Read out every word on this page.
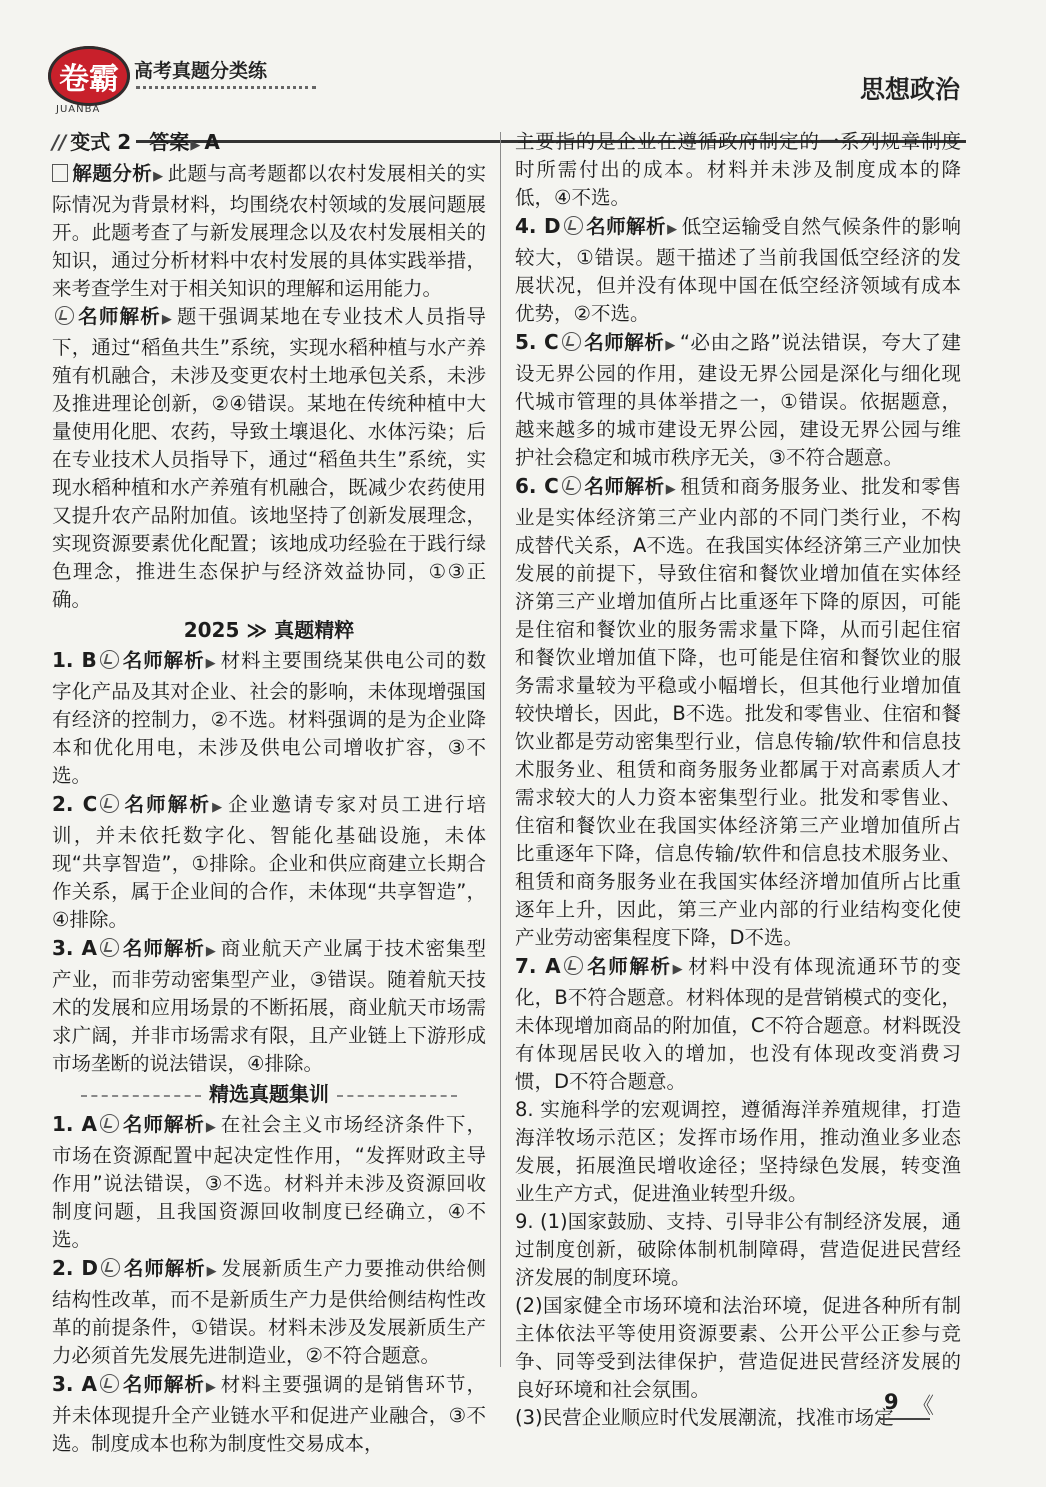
卷霸
JUANBA
高考真题分类练
思想政治

// 变式 2 答案▶ A

解题分析▶ 此题与高考题都以农村发展相关的实际情况为背景材料，均围绕农村领域的发展问题展开。此题考查了与新发展理念以及农村发展相关的知识，通过分析材料中农村发展的具体实践举措，来考查学生对于相关知识的理解和运用能力。

名师解析▶ 题干强调某地在专业技术人员指导下，通过“稻鱼共生”系统，实现水稻种植与水产养殖有机融合，未涉及变更农村土地承包关系，未涉及推进理论创新，②④错误。某地在传统种植中大量使用化肥、农药，导致土壤退化、水体污染；后在专业技术人员指导下，通过“稻鱼共生”系统，实现水稻种植和水产养殖有机融合，既减少农药使用又提升农产品附加值。该地坚持了创新发展理念，实现资源要素优化配置；该地成功经验在于践行绿色理念，推进生态保护与经济效益协同，①③正确。

2025 ≫ 真题精粹

1. B 名师解析▶ 材料主要围绕某供电公司的数字化产品及其对企业、社会的影响，未体现增强国有经济的控制力，②不选。材料强调的是为企业降本和优化用电，未涉及供电公司增收扩容，③不选。

2. C 名师解析▶ 企业邀请专家对员工进行培训，并未依托数字化、智能化基础设施，未体现“共享智造”，①排除。企业和供应商建立长期合作关系，属于企业间的合作，未体现“共享智造”，④排除。

3. A 名师解析▶ 商业航天产业属于技术密集型产业，而非劳动密集型产业，③错误。随着航天技术的发展和应用场景的不断拓展，商业航天市场需求广阔，并非市场需求有限，且产业链上下游形成市场垄断的说法错误，④排除。

精选真题集训

1. A 名师解析▶ 在社会主义市场经济条件下，市场在资源配置中起决定性作用，“发挥财政主导作用”说法错误，③不选。材料并未涉及资源回收制度问题，且我国资源回收制度已经确立，④不选。

2. D 名师解析▶ 发展新质生产力要推动供给侧结构性改革，而不是新质生产力是供给侧结构性改革的前提条件，①错误。材料未涉及发展新质生产力必须首先发展先进制造业，②不符合题意。

3. A 名师解析▶ 材料主要强调的是销售环节，并未体现提升全产业链水平和促进产业融合，③不选。制度成本也称为制度性交易成本，

主要指的是企业在遵循政府制定的一系列规章制度时所需付出的成本。材料并未涉及制度成本的降低，④不选。

4. D 名师解析▶ 低空运输受自然气候条件的影响较大，①错误。题干描述了当前我国低空经济的发展状况，但并没有体现中国在低空经济领域有成本优势，②不选。

5. C 名师解析▶ “必由之路”说法错误，夸大了建设无界公园的作用，建设无界公园是深化与细化现代城市管理的具体举措之一，①错误。依据题意，越来越多的城市建设无界公园，建设无界公园与维护社会稳定和城市秩序无关，③不符合题意。

6. C 名师解析▶ 租赁和商务服务业、批发和零售业是实体经济第三产业内部的不同门类行业，不构成替代关系，A不选。在我国实体经济第三产业加快发展的前提下，导致住宿和餐饮业增加值在实体经济第三产业增加值所占比重逐年下降的原因，可能是住宿和餐饮业的服务需求量下降，从而引起住宿和餐饮业增加值下降，也可能是住宿和餐饮业的服务需求量较为平稳或小幅增长，但其他行业增加值较快增长，因此，B不选。批发和零售业、住宿和餐饮业都是劳动密集型行业，信息传输/软件和信息技术服务业、租赁和商务服务业都属于对高素质人才需求较大的人力资本密集型行业。批发和零售业、住宿和餐饮业在我国实体经济第三产业增加值所占比重逐年下降，信息传输/软件和信息技术服务业、租赁和商务服务业在我国实体经济增加值所占比重逐年上升，因此，第三产业内部的行业结构变化使产业劳动密集程度下降，D不选。

7. A 名师解析▶ 材料中没有体现流通环节的变化，B不符合题意。材料体现的是营销模式的变化，未体现增加商品的附加值，C不符合题意。材料既没有体现居民收入的增加，也没有体现改变消费习惯，D不符合题意。

8. 实施科学的宏观调控，遵循海洋养殖规律，打造海洋牧场示范区；发挥市场作用，推动渔业多业态发展，拓展渔民增收途径；坚持绿色发展，转变渔业生产方式，促进渔业转型升级。

9. (1)国家鼓励、支持、引导非公有制经济发展，通过制度创新，破除体制机制障碍，营造促进民营经济发展的制度环境。

(2)国家健全市场环境和法治环境，促进各种所有制主体依法平等使用资源要素、公开公平公正参与竞争、同等受到法律保护，营造促进民营经济发展的良好环境和社会氛围。

(3)民营企业顺应时代发展潮流，找准市场定

9 《
